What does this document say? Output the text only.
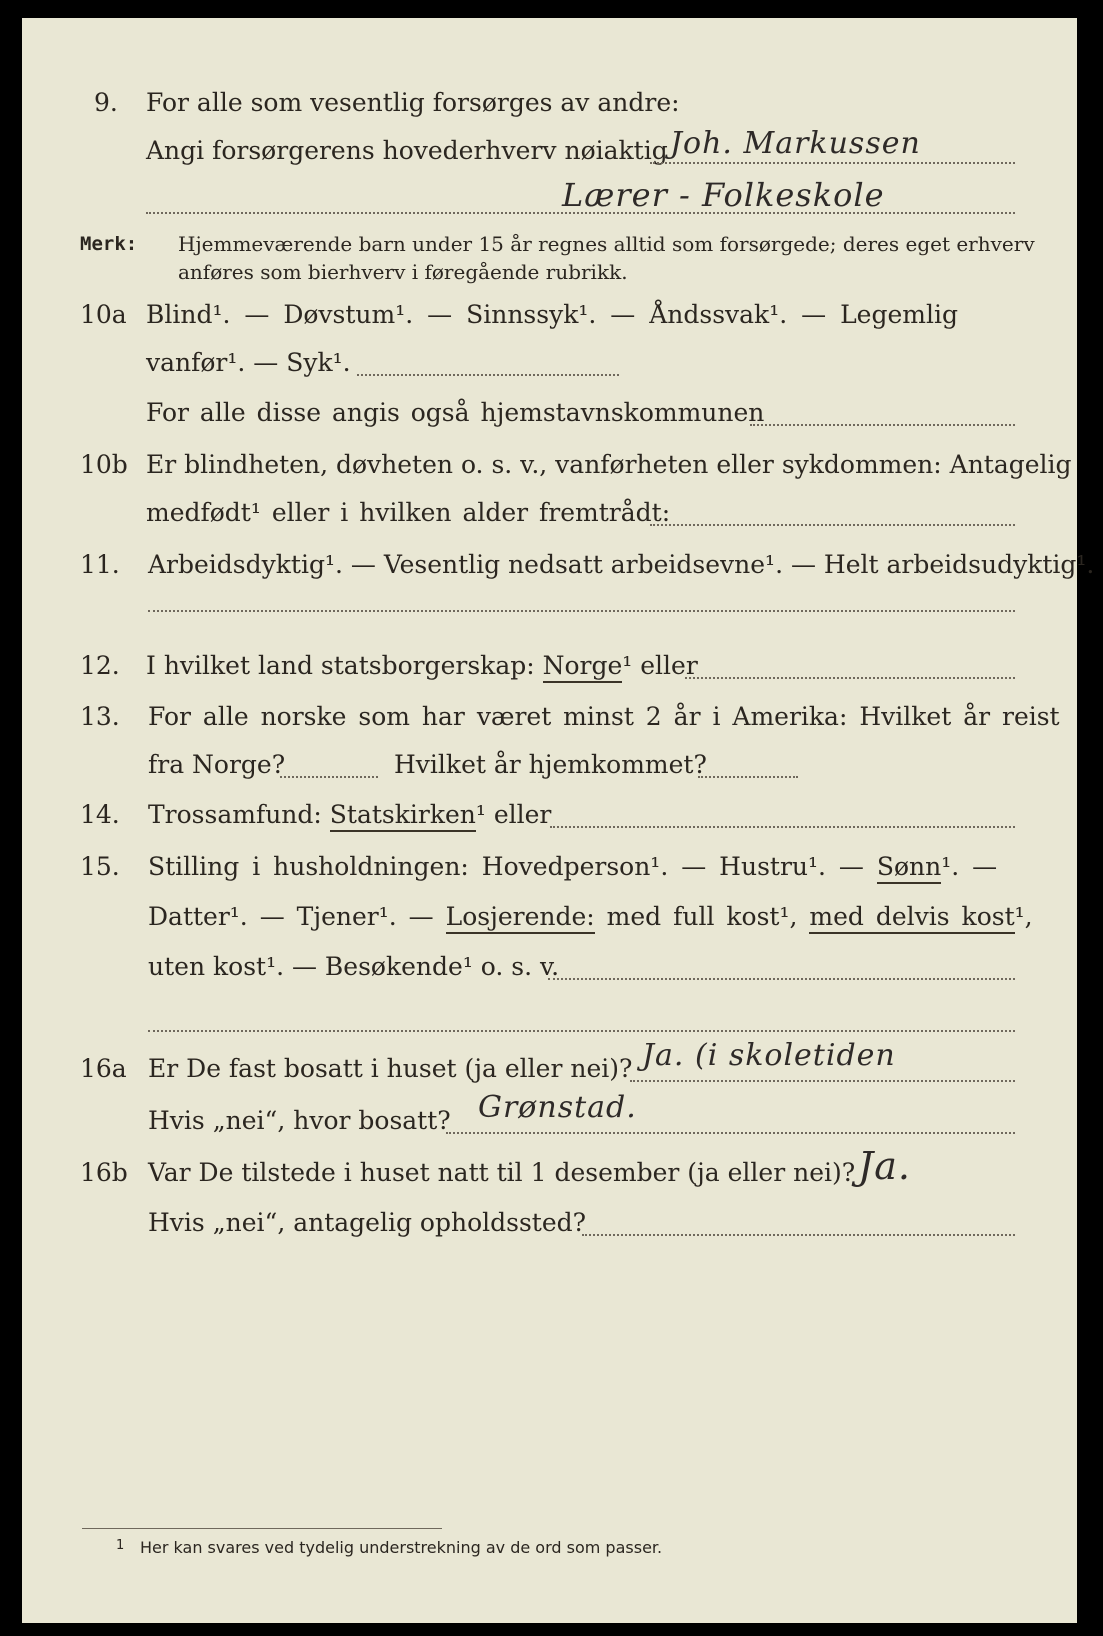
9. For alle som vesentlig forsørges av andre:
Angi forsørgerens hovederhverv nøiaktig Joh. Markussen
Lærer - Folkeskole
Merk: Hjemmeværende barn under 15 år regnes alltid som forsørgede; deres eget erhverv
anføres som bierhverv i føregående rubrikk.
10a Blind¹. — Døvstum¹. — Sinnssyk¹. — Åndssvak¹. — Legemlig
vanfør¹. — Syk¹.
For alle disse angis også hjemstavnskommunen
10b Er blindheten, døvheten o. s. v., vanførheten eller sykdommen: Antagelig
medfødt¹ eller i hvilken alder fremtrådt:
11. Arbeidsdyktig¹. — Vesentlig nedsatt arbeidsevne¹. — Helt arbeidsudyktig¹.
12. I hvilket land statsborgerskap: Norge¹ eller
13. For alle norske som har været minst 2 år i Amerika: Hvilket år reist
fra Norge?	Hvilket år hjemkommet?
14. Trossamfund: Statskirken¹ eller
15. Stilling i husholdningen: Hovedperson¹. — Hustru¹. — Sønn¹. —
Datter¹. — Tjener¹. — Losjerende: med full kost¹, med delvis kost¹,
uten kost¹. — Besøkende¹ o. s. v.
16a Er De fast bosatt i huset (ja eller nei)? Ja. (i skoletiden
Hvis „nei“, hvor bosatt? Grønstad.
16b Var De tilstede i huset natt til 1 desember (ja eller nei)? Ja.
Hvis „nei“, antagelig opholdssted?
1 Her kan svares ved tydelig understrekning av de ord som passer.
